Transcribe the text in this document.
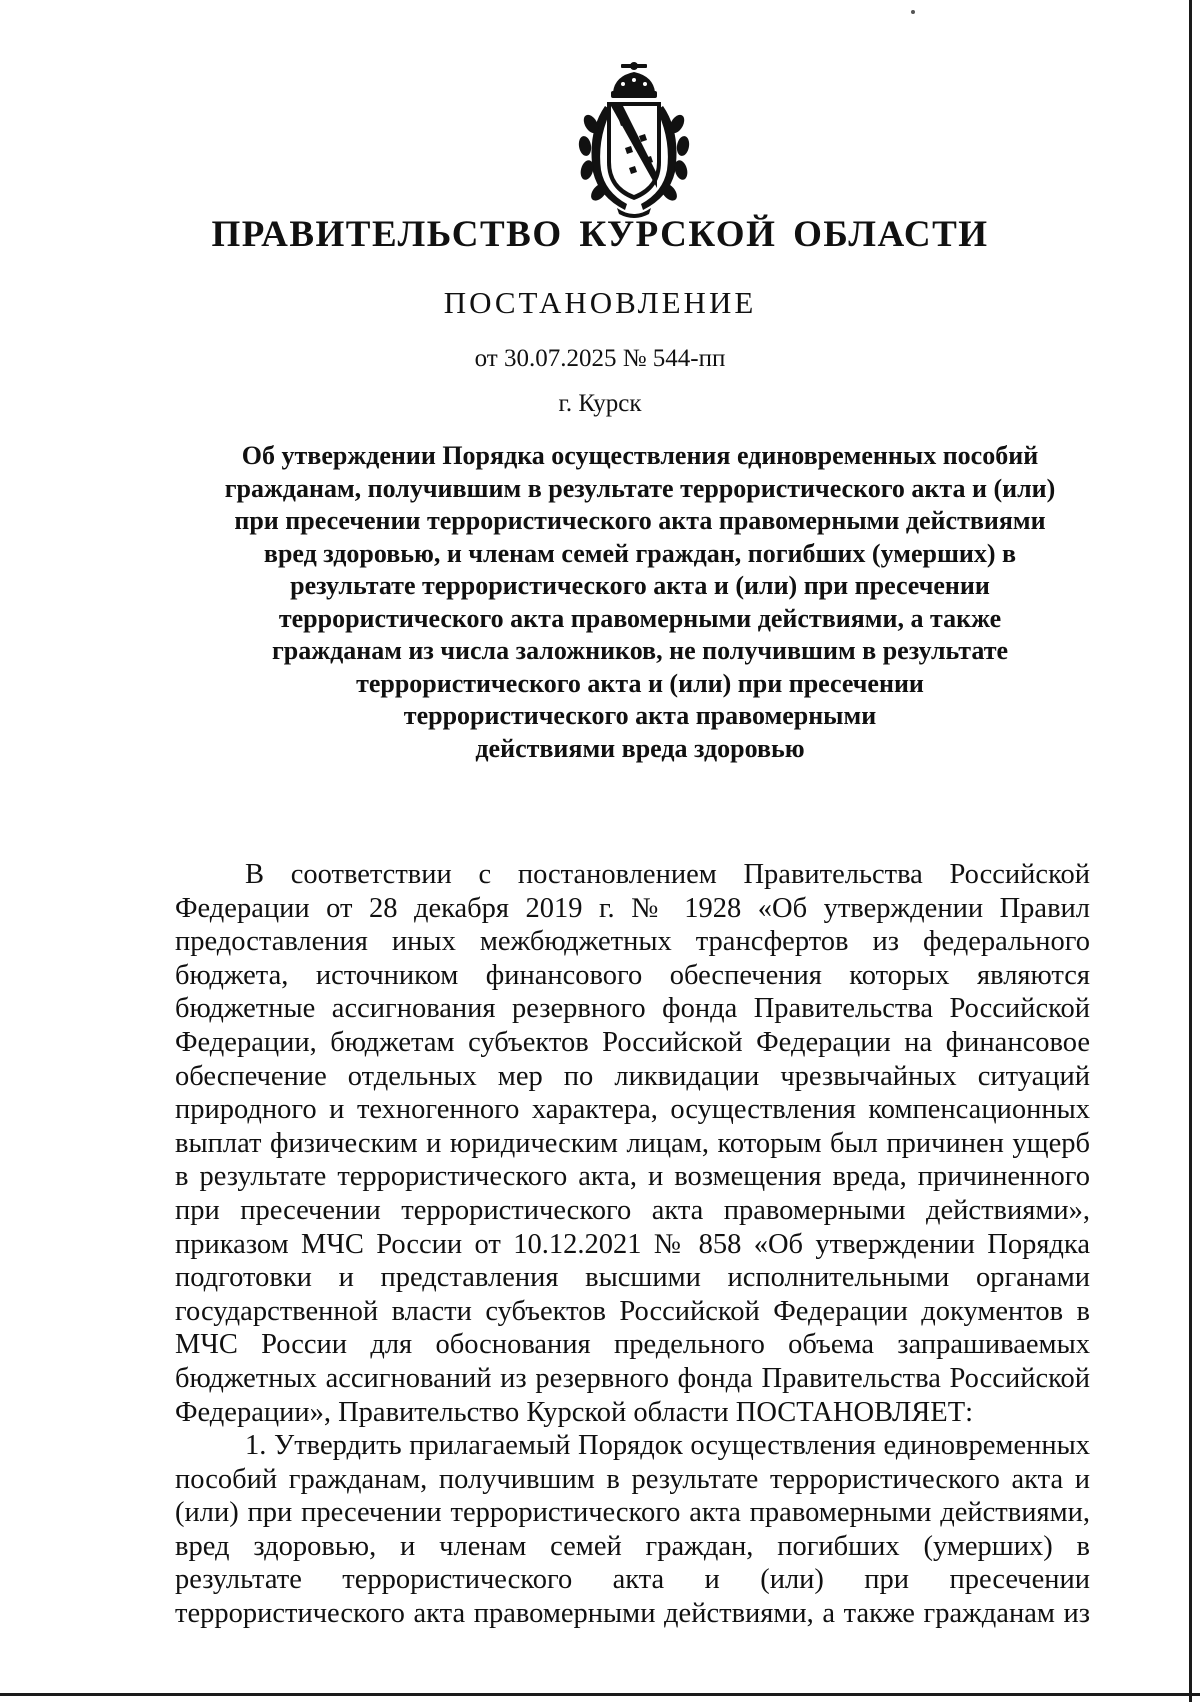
ПРАВИТЕЛЬСТВО КУРСКОЙ ОБЛАСТИ
ПОСТАНОВЛЕНИЕ
от 30.07.2025 № 544-пп
г. Курск
Об утверждении Порядка осуществления единовременных пособий
гражданам, получившим в результате террористического акта и (или)
при пресечении террористического акта правомерными действиями
вред здоровью, и членам семей граждан, погибших (умерших) в
результате террористического акта и (или) при пресечении
террористического акта правомерными действиями, а также
гражданам из числа заложников, не получившим в результате
террористического акта и (или) при пресечении
террористического акта правомерными
действиями вреда здоровью
В соответствии с постановлением Правительства Российской
Федерации от 28 декабря 2019 г. № 1928 «Об утверждении Правил
предоставления иных межбюджетных трансфертов из федерального
бюджета, источником финансового обеспечения которых являются
бюджетные ассигнования резервного фонда Правительства Российской
Федерации, бюджетам субъектов Российской Федерации на финансовое
обеспечение отдельных мер по ликвидации чрезвычайных ситуаций
природного и техногенного характера, осуществления компенсационных
выплат физическим и юридическим лицам, которым был причинен ущерб
в результате террористического акта, и возмещения вреда, причиненного
при пресечении террористического акта правомерными действиями»,
приказом МЧС России от 10.12.2021 № 858 «Об утверждении Порядка
подготовки и представления высшими исполнительными органами
государственной власти субъектов Российской Федерации документов в
МЧС России для обоснования предельного объема запрашиваемых
бюджетных ассигнований из резервного фонда Правительства Российской
Федерации», Правительство Курской области ПОСТАНОВЛЯЕТ:
1. Утвердить прилагаемый Порядок осуществления единовременных
пособий гражданам, получившим в результате террористического акта и
(или) при пресечении террористического акта правомерными действиями,
вред здоровью, и членам семей граждан, погибших (умерших) в
результате террористического акта и (или) при пресечении
террористического акта правомерными действиями, а также гражданам из
